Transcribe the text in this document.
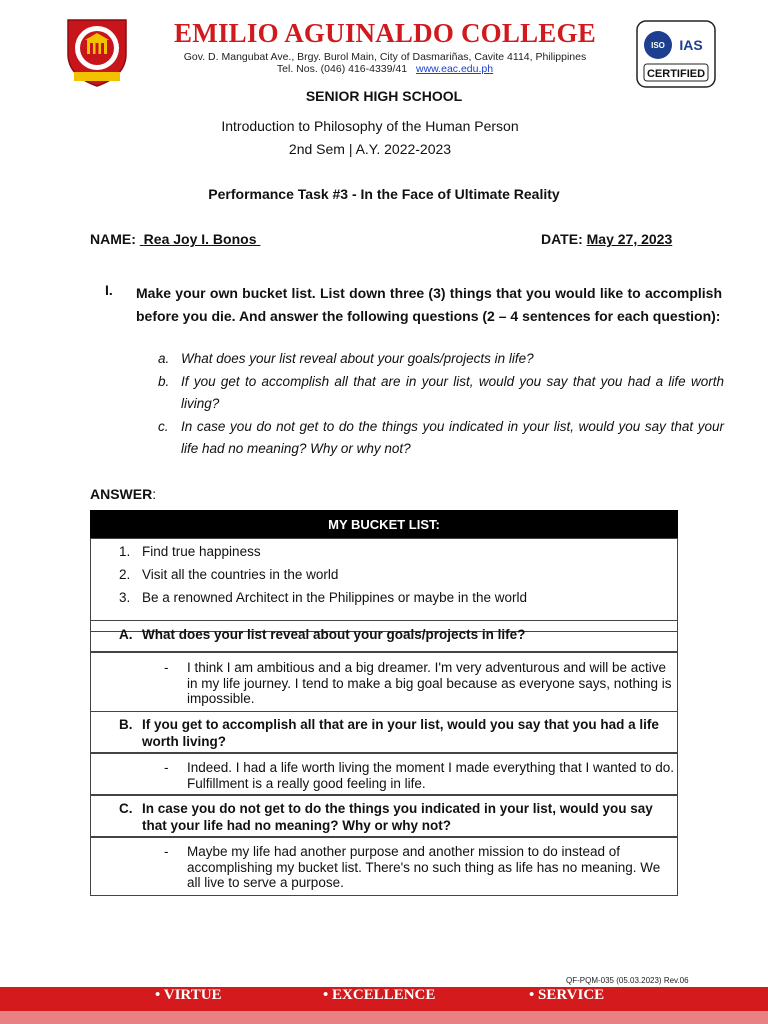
EMILIO AGUINALDO COLLEGE
Gov. D. Mangubat Ave., Brgy. Burol Main, City of Dasmariñas, Cavite 4114, Philippines
Tel. Nos. (046) 416-4339/41 www.eac.edu.ph
ISO IAS
CERTIFIED
SENIOR HIGH SCHOOL
Introduction to Philosophy of the Human Person
2nd Sem | A.Y. 2022-2023
Performance Task #3 - In the Face of Ultimate Reality
NAME: Rea Joy I. Bonos	DATE: May 27, 2023
I. Make your own bucket list. List down three (3) things that you would like to accomplish before you die. And answer the following questions (2 – 4 sentences for each question):
a. What does your list reveal about your goals/projects in life?
b. If you get to accomplish all that are in your list, would you say that you had a life worth living?
c. In case you do not get to do the things you indicated in your list, would you say that your life had no meaning? Why or why not?
ANSWER:
MY BUCKET LIST:
1. Find true happiness
2. Visit all the countries in the world
3. Be a renowned Architect in the Philippines or maybe in the world
A. What does your list reveal about your goals/projects in life?
- I think I am ambitious and a big dreamer. I'm very adventurous and will be active in my life journey. I tend to make a big goal because as everyone says, nothing is impossible.
B. If you get to accomplish all that are in your list, would you say that you had a life worth living?
- Indeed. I had a life worth living the moment I made everything that I wanted to do. Fulfillment is a really good feeling in life.
C. In case you do not get to do the things you indicated in your list, would you say that your life had no meaning? Why or why not?
- Maybe my life had another purpose and another mission to do instead of accomplishing my bucket list. There's no such thing as life has no meaning. We all live to serve a purpose.
QF-PQM-035 (05.03.2023) Rev.06
• VIRTUE	• EXCELLENCE	• SERVICE
